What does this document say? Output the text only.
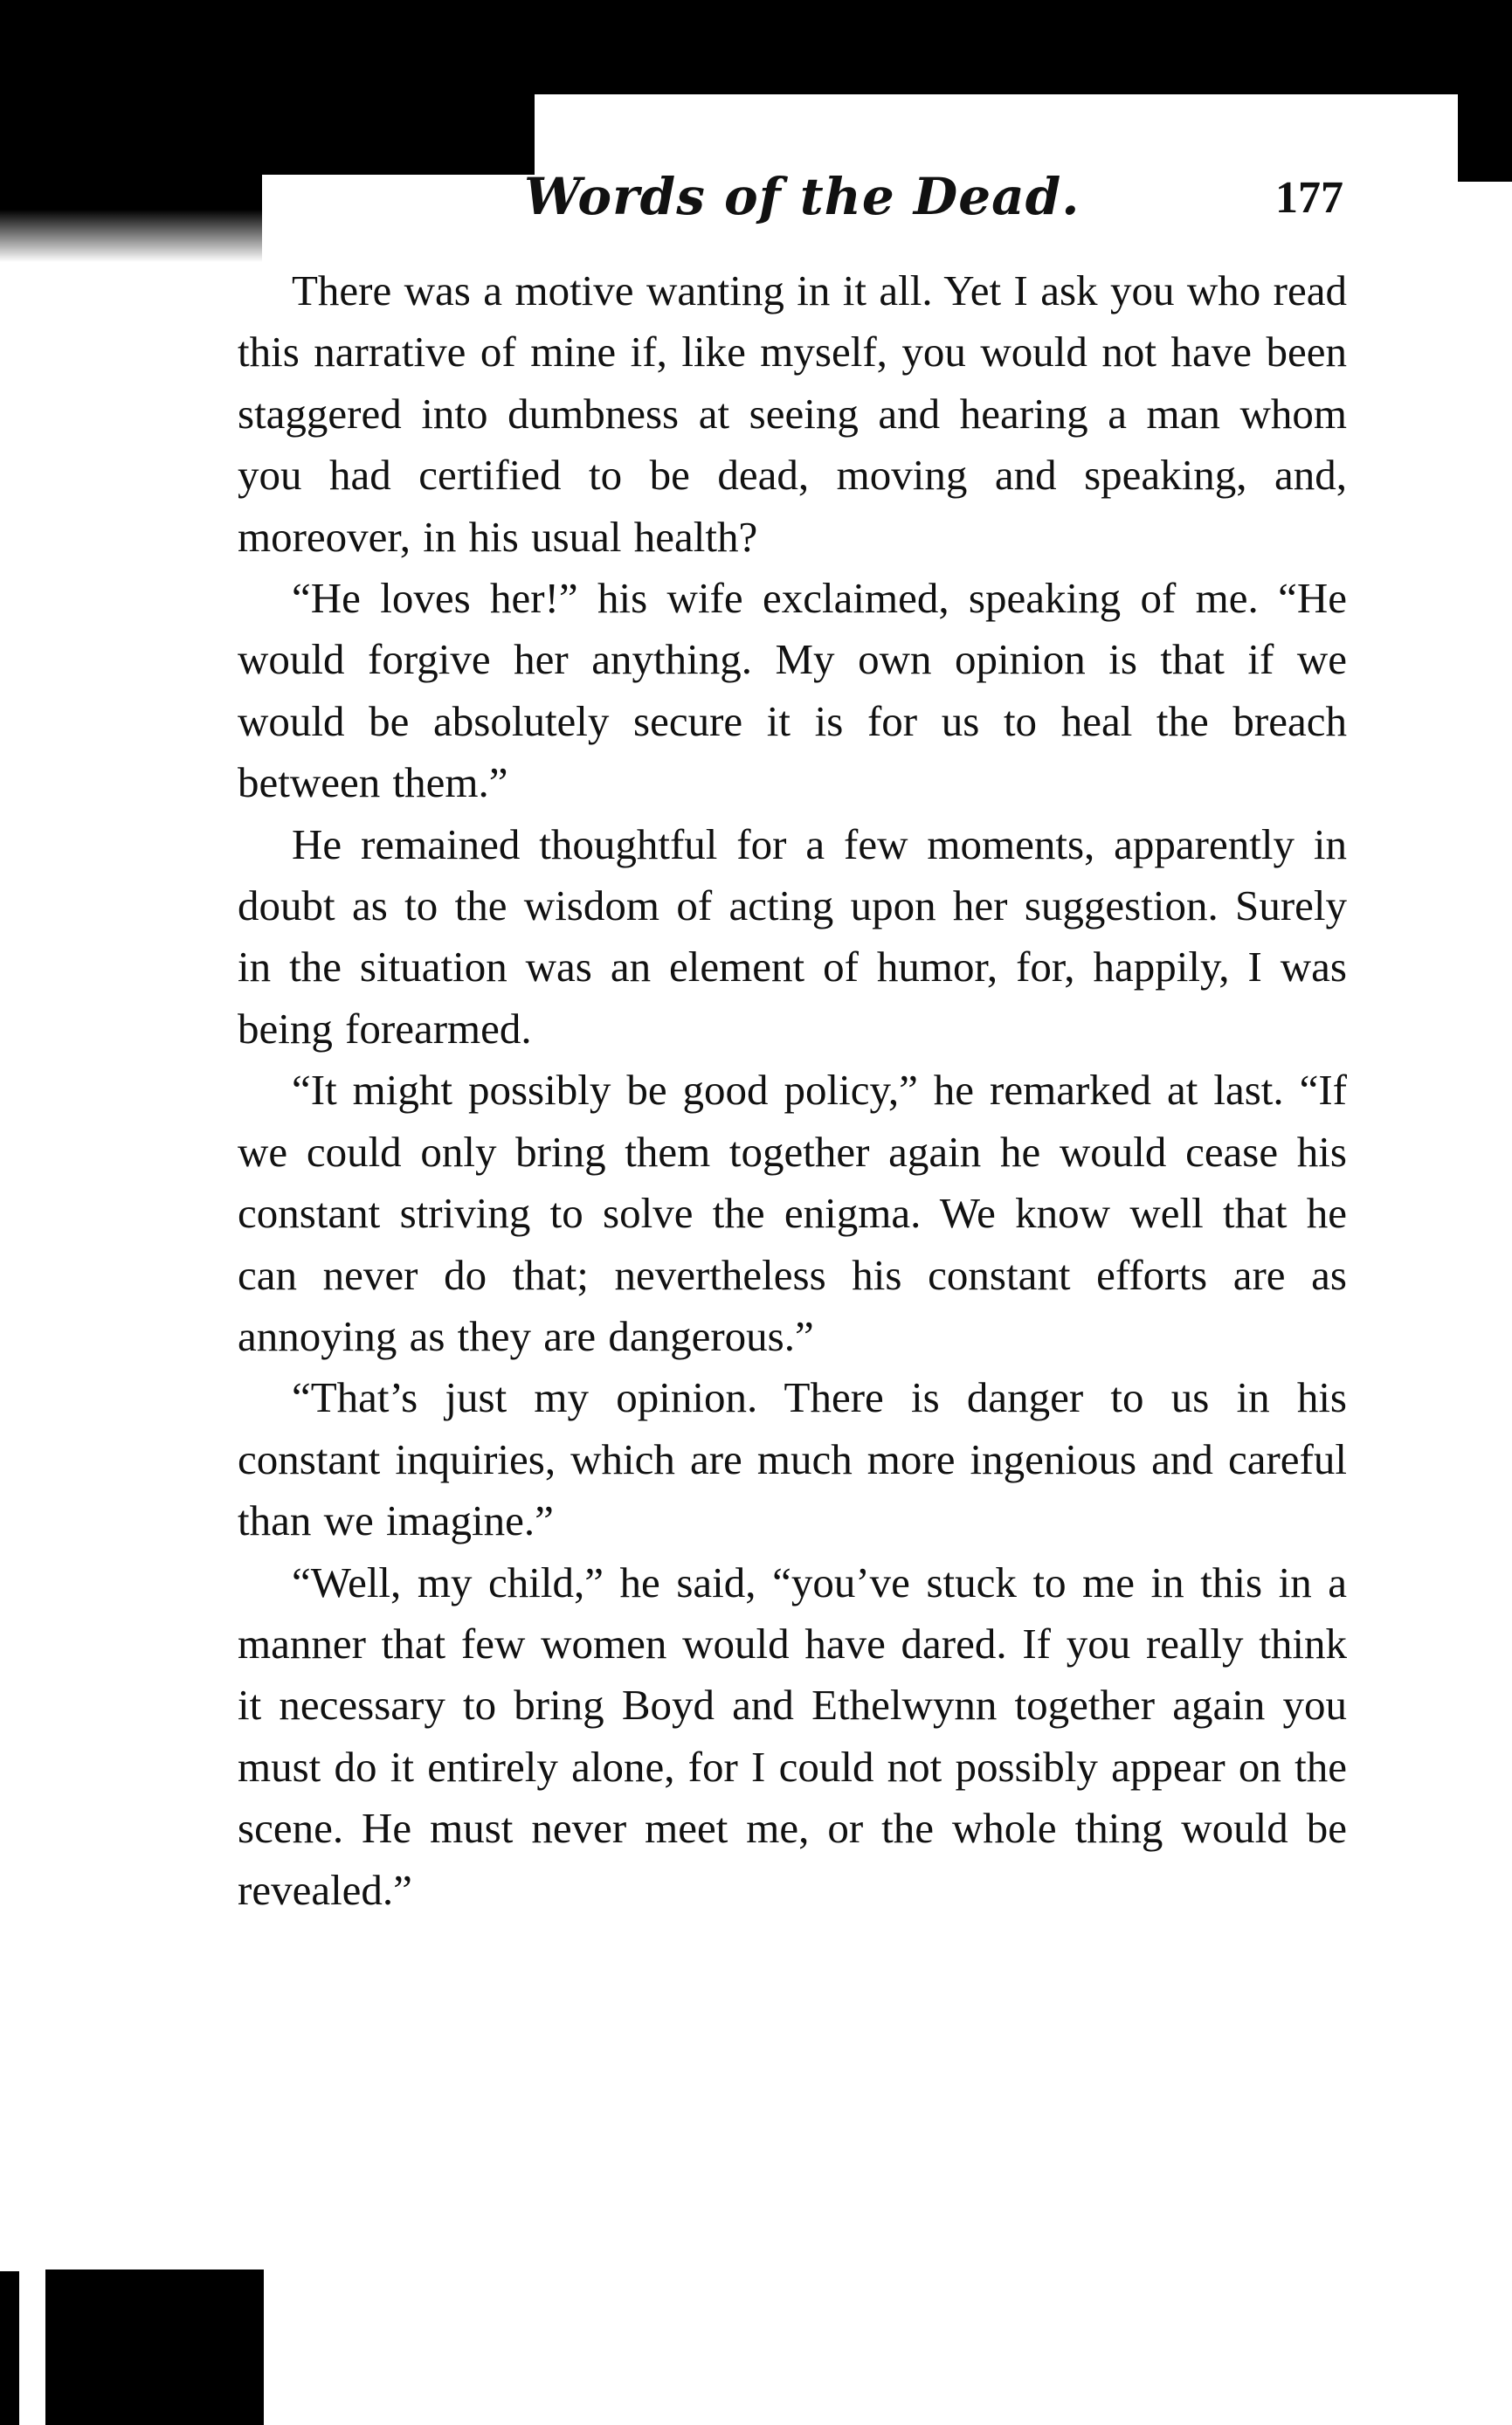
Words of the Dead.	177

There was a motive wanting in it all. Yet I ask you who read this narrative of mine if, like myself, you would not have been staggered into dumbness at seeing and hearing a man whom you had certified to be dead, moving and speaking, and, moreover, in his usual health?

“He loves her!” his wife exclaimed, speaking of me. “He would forgive her anything. My own opinion is that if we would be absolutely secure it is for us to heal the breach between them.”

He remained thoughtful for a few moments, apparently in doubt as to the wisdom of acting upon her suggestion. Surely in the situation was an element of humor, for, happily, I was being forearmed.

“It might possibly be good policy,” he remarked at last. “If we could only bring them together again he would cease his constant striving to solve the enigma. We know well that he can never do that; nevertheless his constant efforts are as annoying as they are dangerous.”

“That’s just my opinion. There is danger to us in his constant inquiries, which are much more ingenious and careful than we imagine.”

“Well, my child,” he said, “you’ve stuck to me in this in a manner that few women would have dared. If you really think it necessary to bring Boyd and Ethelwynn together again you must do it entirely alone, for I could not possibly appear on the scene. He must never meet me, or the whole thing would be revealed.”
